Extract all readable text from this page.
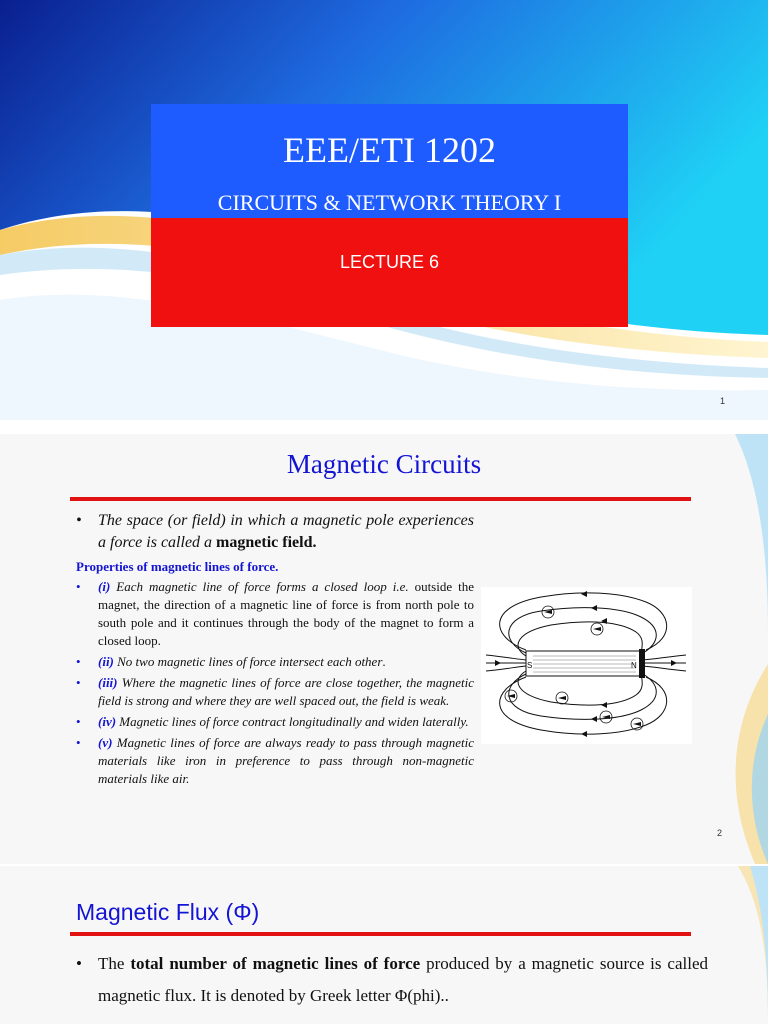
EEE/ETI 1202
CIRCUITS & NETWORK THEORY I
LECTURE 6
1
Magnetic Circuits
• The space (or field) in which a magnetic pole experiences a force is called a magnetic field.
Properties of magnetic lines of force.
• (i) Each magnetic line of force forms a closed loop i.e. outside the magnet, the direction of a magnetic line of force is from north pole to south pole and it continues through the body of the magnet to form a closed loop.
• (ii) No two magnetic lines of force intersect each other.
• (iii) Where the magnetic lines of force are close together, the magnetic field is strong and where they are well spaced out, the field is weak.
• (iv) Magnetic lines of force contract longitudinally and widen laterally.
• (v) Magnetic lines of force are always ready to pass through magnetic materials like iron in preference to pass through non-magnetic materials like air.
S	N
2
Magnetic Flux (Φ)
• The total number of magnetic lines of force produced by a magnetic source is called magnetic flux. It is denoted by Greek letter Φ(phi)..
